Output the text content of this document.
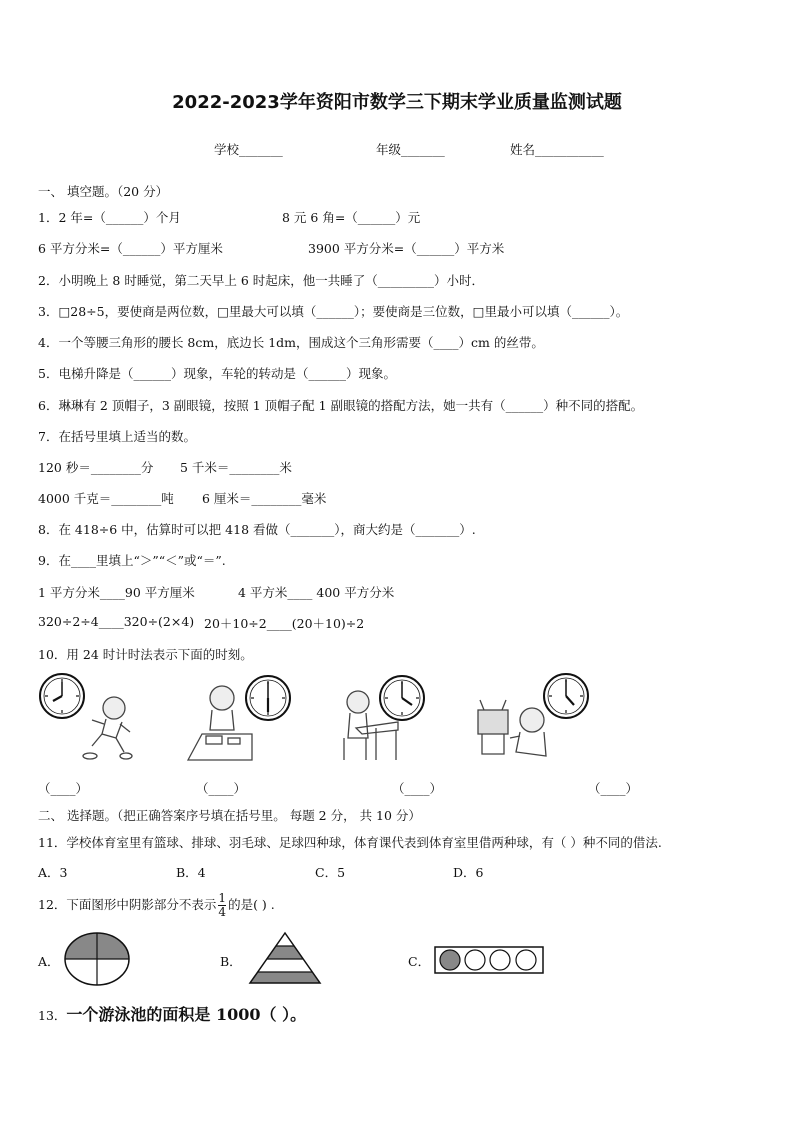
2022-2023学年资阳市数学三下期末学业质量监测试题
学校_______	年级_______	姓名___________
一、 填空题。（20 分）
1．2 年=（______）个月	8 元 6 角=（______）元
6 平方分米=（______）平方厘米	3900 平方分米=（______）平方米
2．小明晚上 8 时睡觉，第二天早上 6 时起床，他一共睡了（_________）小时．
3．□28÷5，要使商是两位数，□里最大可以填（______）；要使商是三位数，□里最小可以填（______）。
4．一个等腰三角形的腰长 8cm，底边长 1dm，围成这个三角形需要（____）cm 的丝带。
5．电梯升降是（______）现象，车轮的转动是（______）现象。
6．琳琳有 2 顶帽子，3 副眼镜，按照 1 顶帽子配 1 副眼镜的搭配方法，她一共有（______）种不同的搭配。
7．在括号里填上适当的数。
120 秒＝________分 5 千米＝________米
4000 千克＝________吨 6 厘米＝________毫米
8．在 418÷6 中，估算时可以把 418 看做（_______），商大约是（_______）.
9．在____里填上“＞”“＜”或“＝”.
1 平方分米____90 平方厘米	4 平方米____ 400 平方分米
320÷2÷4____320÷(2×4) 20＋10÷2____(20＋10)÷2
10．用 24 时计时法表示下面的时刻。
（____）	（____）	（____）	（____）
二、 选择题。（把正确答案序号填在括号里。 每题 2 分， 共 10 分）
11．学校体育室里有篮球、排球、羽毛球、足球四种球，体育课代表到体育室里借两种球，有（ ）种不同的借法.
A．3	B．4	C．5	D．6
12．下面图形中阴影部分不表示 $\frac{1}{4}$ 的是( ) .
A．	B．	C．
13．一个游泳池的面积是 1000（ ）。
